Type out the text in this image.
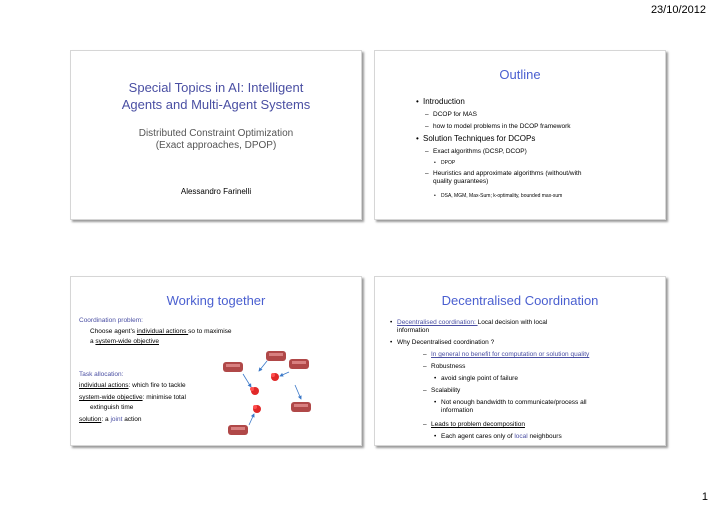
23/10/2012
Special Topics in AI: Intelligent
Agents and Multi-Agent Systems
Distributed Constraint Optimization
(Exact approaches, DPOP)
Alessandro Farinelli
Outline
• Introduction
– DCOP for MAS
– how to model problems in the DCOP framework
• Solution Techniques for DCOPs
– Exact algorithms (DCSP, DCOP)
• DPOP
– Heuristics and approximate algorithms (without/with
quality guarantees)
• DSA, MGM, Max-Sum; k-optimality, bounded max-sum
Working together
Coordination problem:
Choose agent’s individual actions so to maximise
a system-wide objective
Task allocation:
individual actions: which fire to tackle
system-wide objective: minimise total
extinguish time
solution: a joint action
Decentralised Coordination
• Decentralised coordination: Local decision with local
information
• Why Decentralised coordination ?
– In general no benefit for computation or solution quality
– Robustness
• avoid single point of failure
– Scalability
• Not enough bandwidth to communicate/process all
information
– Leads to problem decomposition
• Each agent cares only of local neighbours
1
